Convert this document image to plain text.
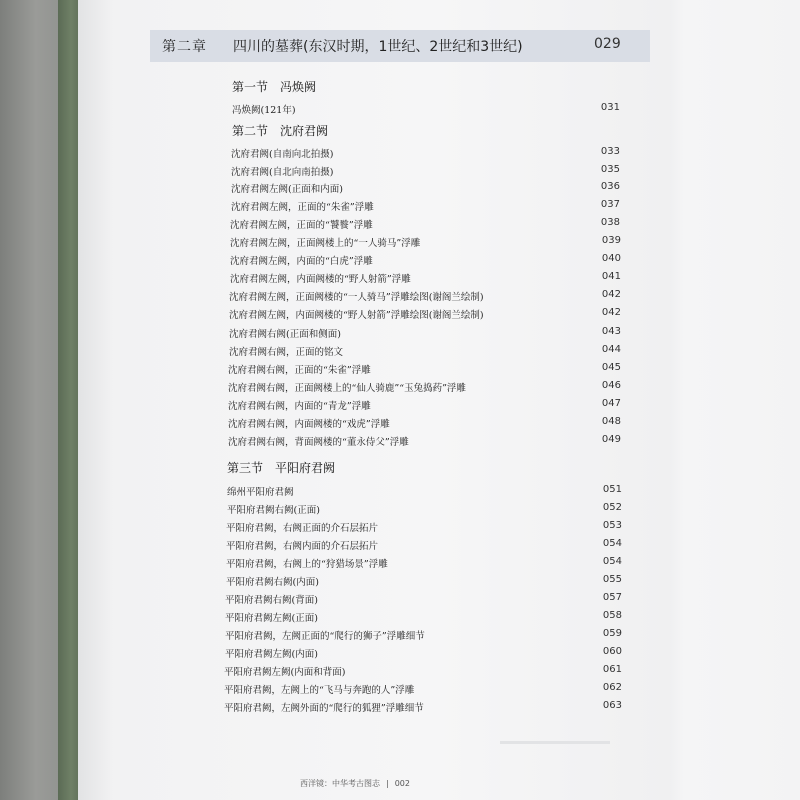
第二章 四川的墓葬(东汉时期，1世纪、2世纪和3世纪)	029
第一节　冯焕阙
冯焕阙(121年)	031
第二节　沈府君阙
沈府君阙(自南向北拍摄)	033
沈府君阙(自北向南拍摄)	035
沈府君阙左阙(正面和内面)	036
沈府君阙左阙，正面的“朱雀”浮雕	037
沈府君阙左阙，正面的“饕餮”浮雕	038
沈府君阙左阙，正面阙楼上的“一人骑马”浮雕	039
沈府君阙左阙，内面的“白虎”浮雕	040
沈府君阙左阙，内面阙楼的“野人射箭”浮雕	041
沈府君阙左阙，正面阙楼的“一人骑马”浮雕绘图(谢阁兰绘制)	042
沈府君阙左阙，内面阙楼的“野人射箭”浮雕绘图(谢阁兰绘制)	042
沈府君阙右阙(正面和侧面)	043
沈府君阙右阙，正面的铭文	044
沈府君阙右阙，正面的“朱雀”浮雕	045
沈府君阙右阙，正面阙楼上的“仙人骑鹿”“玉兔捣药”浮雕	046
沈府君阙右阙，内面的“青龙”浮雕	047
沈府君阙右阙，内面阙楼的“戏虎”浮雕	048
沈府君阙右阙，背面阙楼的“董永侍父”浮雕	049
第三节　平阳府君阙
绵州平阳府君阙	051
平阳府君阙右阙(正面)	052
平阳府君阙，右阙正面的介石层拓片	053
平阳府君阙，右阙内面的介石层拓片	054
平阳府君阙，右阙上的“狩猎场景”浮雕	054
平阳府君阙右阙(内面)	055
平阳府君阙右阙(背面)	057
平阳府君阙左阙(正面)	058
平阳府君阙，左阙正面的“爬行的狮子”浮雕细节	059
平阳府君阙左阙(内面)	060
平阳府君阙左阙(内面和背面)	061
平阳府君阙，左阙上的“飞马与奔跑的人”浮雕	062
平阳府君阙，左阙外面的“爬行的狐狸”浮雕细节	063
西洋镜：中华考古图志 | 002
